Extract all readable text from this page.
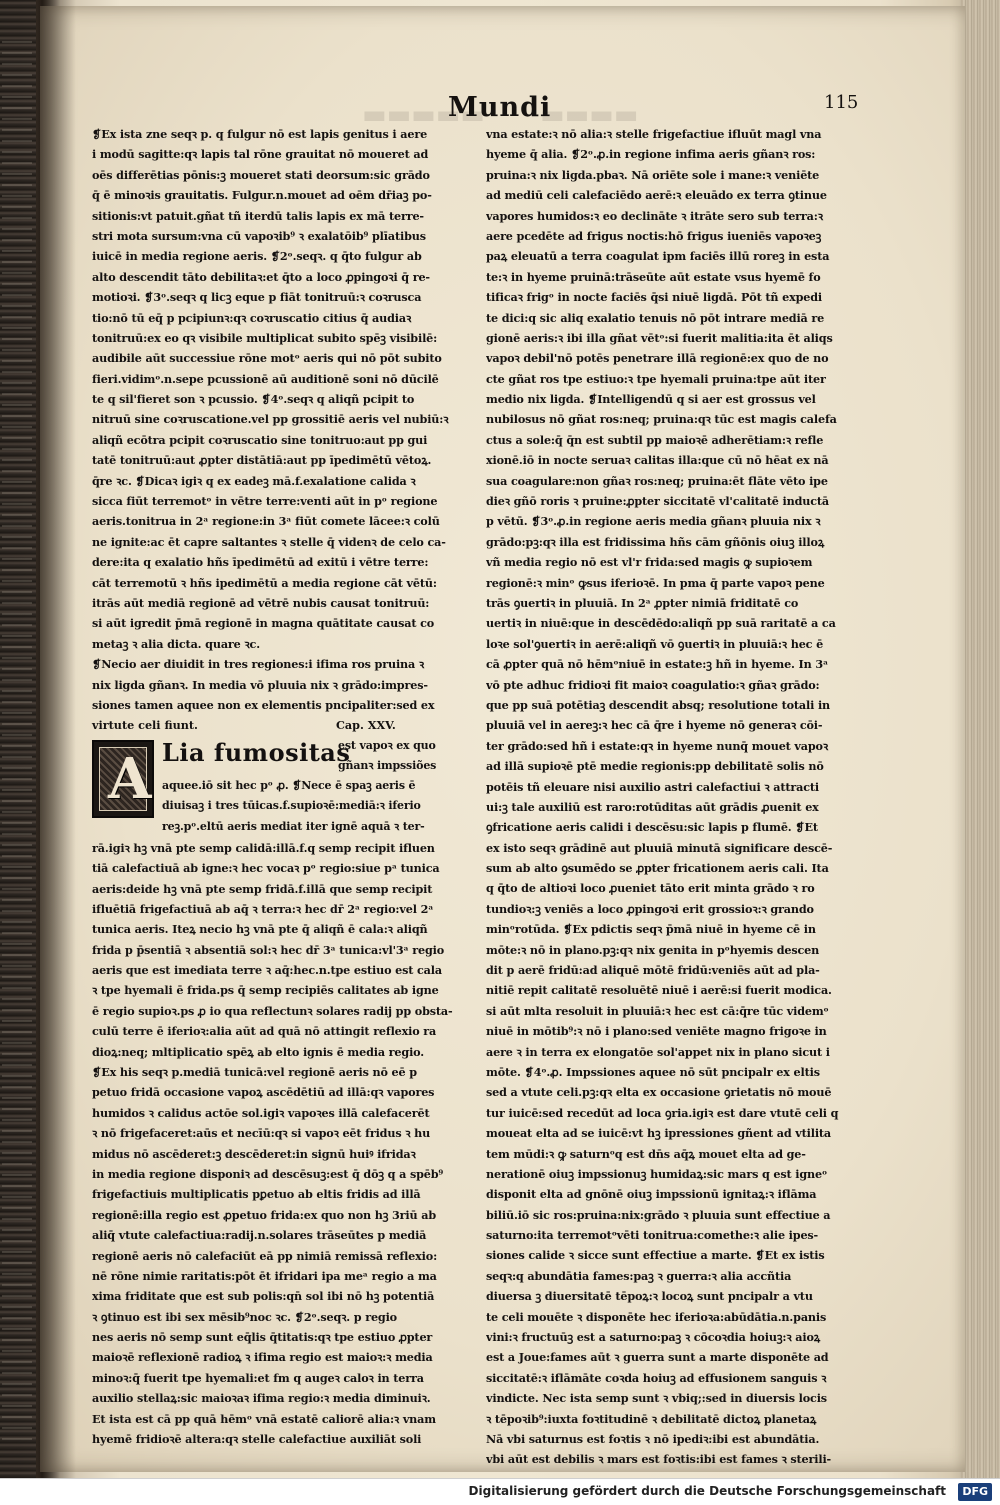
▬▬▬▬▬ ▬▬▬▬
Mundi	115
❡Ex ista zne seqꝛ p. q fulgur nō est lapis genitus i aere
i modū sagitte:qꝛ lapis tal rōne grauitat nō moueret ad
oēs differētias pōnis:ꝫ moueret stati deorsum:sic grādo
q̄ ē minoꝛis grauitatis. Fulgur.n.mouet ad oēm dr̄iaꝫ po-
sitionis:vt patuit.gñat tñ iterdū talis lapis ex mā terre-
stri mota sursum:vna cū vapoꝛib⁹ ꝛ exalatōib⁹ plīatibus
iuicē in media regione aeris. ❡2ᵒ.seqꝛ. q q̄to fulgur ab
alto descendit tāto debilitaꝛ:et q̄to a loco ꝓpingoꝛi q̄ re-
motioꝛi. ❡3ᵒ.seqꝛ q licꝫ eque p fiāt tonitruū:ꝛ coꝛrusca
tio:nō tū eq̄ p pcipiunꝛ:qꝛ coꝛruscatio citius q̄ audiaꝛ
tonitruū:ex eo qꝛ visibile multiplicat subito spēꝫ visibilē:
audibile aūt successiue rōne motᵒ aeris qui nō pōt subito
fieri.vidimᵒ.n.sepe pcussionē aū auditionē soni nō dūcilē
te q sil'fieret son ꝛ pcussio. ❡4ᵒ.seqꝛ q aliqñ pcipit to
nitruū sine coꝛruscatione.vel pp grossitiē aeris vel nubiū:ꝛ
aliqñ ecōtra pcipit coꝛruscatio sine tonitruo:aut pp gui
tatē tonitruū:aut ꝓpter distātiā:aut pp īpedimētū vētoꝝ.
q̄re ꝛc. ❡Dicaꝛ igiꝛ q ex eadeꝫ mā.f.exalatione calida ꝛ
sicca fiūt terremotᵒ in vētre terre:venti aūt in pᵒ regione
aeris.tonitrua in 2ᵃ regione:in 3ᵃ fiūt comete lācee:ꝛ colū
ne ignite:ac ēt capre saltantes ꝛ stelle q̄ videnꝛ de celo ca-
dere:ita q exalatio hñs īpedimētū ad exitū i vētre terre:
cāt terremotū ꝛ hñs ipedimētū a media regione cāt vētū:
itrās aūt mediā regionē ad vētrē nubis causat tonitruū:
si aūt igredit p̄mā regionē in magna quātitate causat co
metaꝫ ꝛ alia dicta. quare ꝛc.
❡Necio aer diuidit in tres regiones:i ifima ros pruina ꝛ
nix ligda gñanꝛ. In media vō pluuia nix ꝛ grādo:impres-
siones tamen aquee non ex elementis pncipaliter:sed ex
virtute celi fiunt.	Cap. XXV.
A Lia fumositas
est vapoꝛ ex quo
gñanꝛ impssiões
aquee.iō sit hec pᵒ ꝓ. ❡Nece ē spaꝫ aeris ē
diuisaꝫ i tres tūicas.f.supioꝛē:mediā:ꝛ iferio
reꝫ.pᵒ.eltū aeris mediat iter ignē aquā ꝛ ter-
rā.igiꝛ hꝫ vnā pte semp calidā:illā.f.q semp recipit ifluen
tiā calefactiuā ab igne:ꝛ hec vocaꝛ pᵒ regio:siue pᵃ tunica
aeris:deide hꝫ vnā pte semp fridā.f.illā que semp recipit
ifluētiā frigefactiuā ab aq̄ ꝛ terra:ꝛ hec dr̄ 2ᵃ regio:vel 2ᵃ
tunica aeris. Iteꝝ necio hꝫ vnā pte q̄ aliqñ ē cala:ꝛ aliqñ
frida p p̄sentiā ꝛ absentiā sol:ꝛ hec dr̄ 3ᵃ tunica:vl'3ᵃ regio
aeris que est imediata terre ꝛ aq̄:hec.n.tpe estiuo est cala
ꝛ tpe hyemali ē frida.ps q̄ semp recipiēs calitates ab igne
ē regio supioꝛ.ps ꝓ io qua reflectunꝛ solares radij pp obsta-
culū terre ē iferioꝛ:alia aūt ad quā nō attingit reflexio ra
dioꝝ:neq; mltiplicatio spēꝝ ab elto ignis ē media regio.
❡Ex his seqꝛ p.mediā tunicā:vel regionē aeris nō eē p
petuo fridā occasione vapoꝝ ascēdētiū ad illā:qꝛ vapores
humidos ꝛ calidus actōe sol.igiꝛ vapoꝛes illā calefacerēt
ꝛ nō frigefaceret:aūs et necīū:qꝛ si vapoꝛ eēt fridus ꝛ hu
midus nō ascēderet:ꝫ descēderet:in signū huiꝰ ifridaꝛ
in media regione disponiꝛ ad descēsuꝫ:est q̄ dōꝫ q a spēb⁹
frigefactiuis multiplicatis pꝑetuo ab eltis fridis ad illā
regionē:illa regio est ꝓpetuo frida:ex quo non hꝫ 3riū ab
aliq̄ vtute calefactiua:radij.n.solares trāseūtes p mediā
regionē aeris nō calefaciūt eā pp nimiā remissā reflexio:
nē rōne nimie raritatis:pōt ēt ifridari ipa meᵃ regio a ma
xima friditate que est sub polis:qn̄ sol ibi nō hꝫ potentiā
ꝛ ꝯtinuo est ibi sex mēsib⁹noc ꝛc. ❡2ᵒ.seqꝛ. p regio
nes aeris nō semp sunt eq̄lis q̄titatis:qꝛ tpe estiuo ꝓpter
maioꝛē reflexionē radioꝝ ꝛ ifima regio est maioꝛ:ꝛ media
minoꝛ:q̄ fuerit tpe hyemali:et fm q augeꝛ caloꝛ in terra
auxilio stellaꝝ:sic maioꝛaꝛ ifima regio:ꝛ media diminuiꝛ.
Et ista est cā pp quā hēmᵒ vnā estatē caliorē alia:ꝛ vnam
hyemē fridioꝛē altera:qꝛ stelle calefactiue auxiliāt soli
vna estate:ꝛ nō alia:ꝛ stelle frigefactiue ifluūt magl vna
hyeme q̄ alia. ❡2ᵒ.ꝓ.in regione infima aeris gñanꝛ ros:
pruina:ꝛ nix ligda.pbaꝛ. Nā oriēte sole i mane:ꝛ veniēte
ad mediū celi calefaciēdo aerē:ꝛ eleuādo ex terra ꝯtinue
vapores humidos:ꝛ eo declināte ꝛ itrāte sero sub terra:ꝛ
aere pcedēte ad frigus noctis:hō frigus iueniēs vapoꝛeꝫ
paꝝ eleuatū a terra coagulat ipm faciēs illū roreꝫ in esta
te:ꝛ in hyeme pruinā:trāseūte aūt estate vsus hyemē fo
tificaꝛ frigᵒ in nocte faciēs q̄si niuē ligdā. Pōt tñ expedi
te dici:q sic aliq exalatio tenuis nō pōt intrare mediā re
gionē aeris:ꝛ ibi illa gñat vētᵒ:si fuerit malitia:ita ēt aliqs
vapoꝛ debil'nō potēs penetrare illā regionē:ex quo de no
cte gñat ros tpe estiuo:ꝛ tpe hyemali pruina:tpe aūt iter
medio nix ligda. ❡Intelligendū q si aer est grossus vel
nubilosus nō gñat ros:neq; pruina:qꝛ tūc est magis calefa
ctus a sole:q̄ q̄n est subtil pp maioꝛē adherētiam:ꝛ refle
xionē.iō in nocte seruaꝛ calitas illa:que cū nō hēat ex nā
sua coagulare:non gñaꝛ ros:neq; pruina:ēt flāte vēto ipe
dieꝛ gñō roris ꝛ pruine:ꝓpter siccitatē vl'calitatē inductā
p vētū. ❡3ᵒ.ꝓ.in regione aeris media gñanꝛ pluuia nix ꝛ
grādo:pꝫ:qꝛ illa est fridissima hñs cām gñōnis oiuꝫ illoꝝ
vñ media regio nō est vl'r frida:sed magis ꝙ supioꝛem
regionē:ꝛ minᵒ ꝙsus iferioꝛē. In pma q̄ parte vapoꝛ pene
trās ꝯuertiꝛ in pluuiā. In 2ᵃ ꝓpter nimiā friditatē co
uertiꝛ in niuē:que in descēdēdo:aliqñ pp suā raritatē a ca
loꝛe sol'ꝯuertiꝛ in aerē:aliqñ vō ꝯuertiꝛ in pluuiā:ꝛ hec ē
cā ꝓpter quā nō hēmᵒniuē in estate:ꝫ hñ in hyeme. In 3ᵃ
vō pte adhuc fridioꝛi fit maioꝛ coagulatio:ꝛ gñaꝛ grādo:
que pp suā potētiaꝫ descendit absq; resolutione totali in
pluuiā vel in aereꝫ:ꝛ hec cā q̄re i hyeme nō generaꝛ cōi-
ter grādo:sed hñ i estate:qꝛ in hyeme nunq̄ mouet vapoꝛ
ad illā supioꝛē ptē medie regionis:pp debilitatē solis nō
potēis tñ eleuare nisi auxilio astri calefactiui ꝛ attracti
ui:ꝫ tale auxiliū est raro:rotūditas aūt grādis ꝓuenit ex
ꝯfricatione aeris calidi i descēsu:sic lapis p flumē. ❡Et
ex isto seqꝛ grādinē aut pluuiā minutā significare descē-
sum ab alto ꝯsumēdo se ꝓpter fricationem aeris cali. Ita
q q̄to de altioꝛi loco ꝓueniet tāto erit minta grādo ꝛ ro
tundioꝛ:ꝫ veniēs a loco ꝓpingoꝛi erit grossioꝛ:ꝛ grando
minᵒrotūda. ❡Ex pdictis seqꝛ p̄mā niuē in hyeme cē in
mōte:ꝛ nō in plano.pꝫ:qꝛ nix genita in pᵒhyemis descen
dit p aerē fridū:ad aliquē mōtē fridū:veniēs aūt ad pla-
nitiē repit calitatē resoluētē niuē i aerē:si fuerit modica.
si aūt mlta resoluit in pluuiā:ꝛ hec est cā:q̄re tūc videmᵒ
niuē in mōtib⁹:ꝛ nō i plano:sed veniēte magno frigoꝛe in
aere ꝛ in terra ex elongatōe sol'appet nix in plano sicut i
mōte. ❡4ᵒ.ꝓ. Impssiones aquee nō sūt pncipalr ex eltis
sed a vtute celi.pꝫ:qꝛ elta ex occasione ꝯrietatis nō mouē
tur iuicē:sed recedūt ad loca ꝯria.igiꝛ est dare vtutē celi q
moueat elta ad se iuicē:vt hꝫ ipressiones gñent ad vtilita
tem mūdi:ꝛ ꝙ saturnᵒq est dn̄s aq̄ꝝ mouet elta ad ge-
nerationē oiuꝫ impssionuꝫ humidaꝝ:sic mars q est igneᵒ
disponit elta ad gnōnē oiuꝫ impssionū ignitaꝝ:ꝛ iflāma
biliū.iō sic ros:pruina:nix:grādo ꝛ pluuia sunt effectiue a
saturno:ita terremotᵒvēti tonitrua:comethe:ꝛ alie ipes-
siones calide ꝛ sicce sunt effectiue a marte. ❡Et ex istis
seqꝛ:q abundātia fames:paꝫ ꝛ guerra:ꝛ alia accñtia
diuersa ꝫ diuersitatē tēpoꝝ:ꝛ locoꝝ sunt pncipalr a vtu
te celi mouēte ꝛ disponēte hec iferioꝛa:abūdātia.n.panis
vini:ꝛ fructuūꝫ est a saturno:paꝫ ꝛ cōcoꝛdia hoiuꝫ:ꝛ aioꝝ
est a Joue:fames aūt ꝛ guerra sunt a marte disponēte ad
siccitatē:ꝛ iflāmāte coꝛda hoiuꝫ ad effusionem sanguis ꝛ
vindicte. Nec ista semp sunt ꝛ vbiq;:sed in diuersis locis
ꝛ tēpoꝛib⁹:iuxta foꝛtitudinē ꝛ debilitatē dictoꝝ planetaꝝ
Nā vbi saturnus est foꝛtis ꝛ nō ipediꝛ:ibi est abundātia.
vbi aūt est debilis ꝛ mars est foꝛtis:ibi est fames ꝛ sterili-
Digitalisierung gefördert durch die Deutsche Forschungsgemeinschaft	DFG
